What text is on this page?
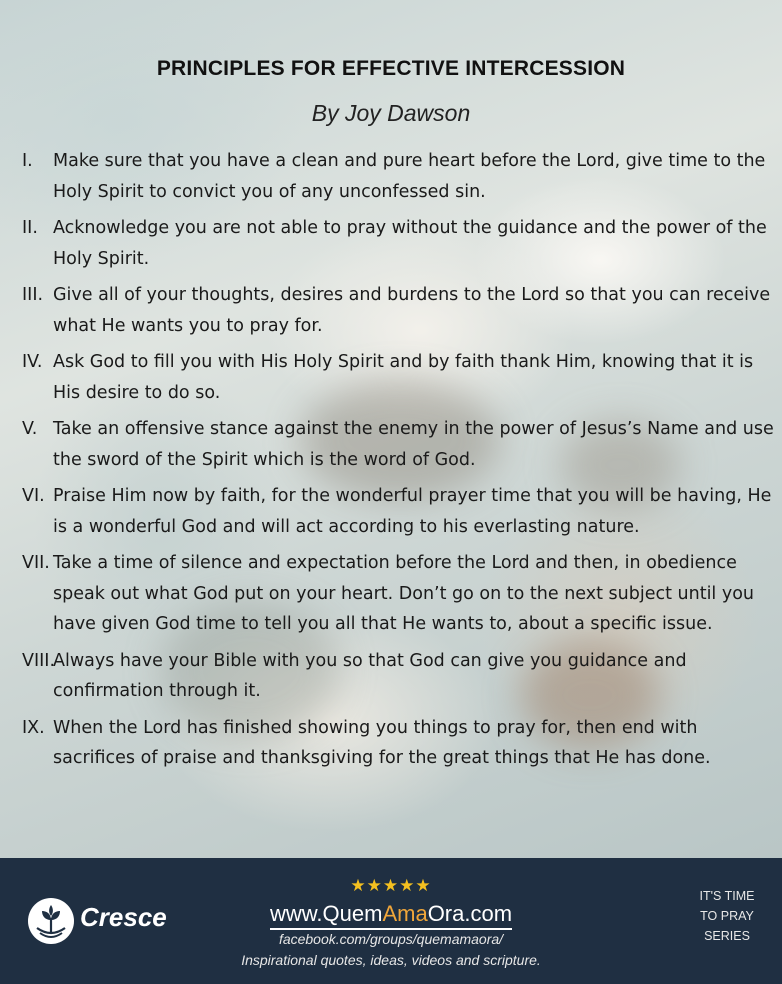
PRINCIPLES FOR EFFECTIVE INTERCESSION
By Joy Dawson
I. Make sure that you have a clean and pure heart before the Lord, give time to the Holy Spirit to convict you of any unconfessed sin.
II. Acknowledge you are not able to pray without the guidance and the power of the Holy Spirit.
III. Give all of your thoughts, desires and burdens to the Lord so that you can receive what He wants you to pray for.
IV. Ask God to fill you with His Holy Spirit and by faith thank Him, knowing that it is His desire to do so.
V. Take an offensive stance against the enemy in the power of Jesus’s Name and use the sword of the Spirit which is the word of God.
VI. Praise Him now by faith, for the wonderful prayer time that you will be having, He is a wonderful God and will act according to his everlasting nature.
VII. Take a time of silence and expectation before the Lord and then, in obedience speak out what God put on your heart. Don’t go on to the next subject until you have given God time to tell you all that He wants to, about a specific issue.
VIII.
Always have your Bible with you so that God can give you guidance and confirmation through it.
IX. When the Lord has finished showing you things to pray for, then end with sacrifices of praise and thanksgiving for the great things that He has done.
Cresce
★★★★★
www.QuemAmaOra.com
facebook.com/groups/quemamaora/
Inspirational quotes, ideas, videos and scripture.
IT'S TIME
TO PRAY
SERIES
